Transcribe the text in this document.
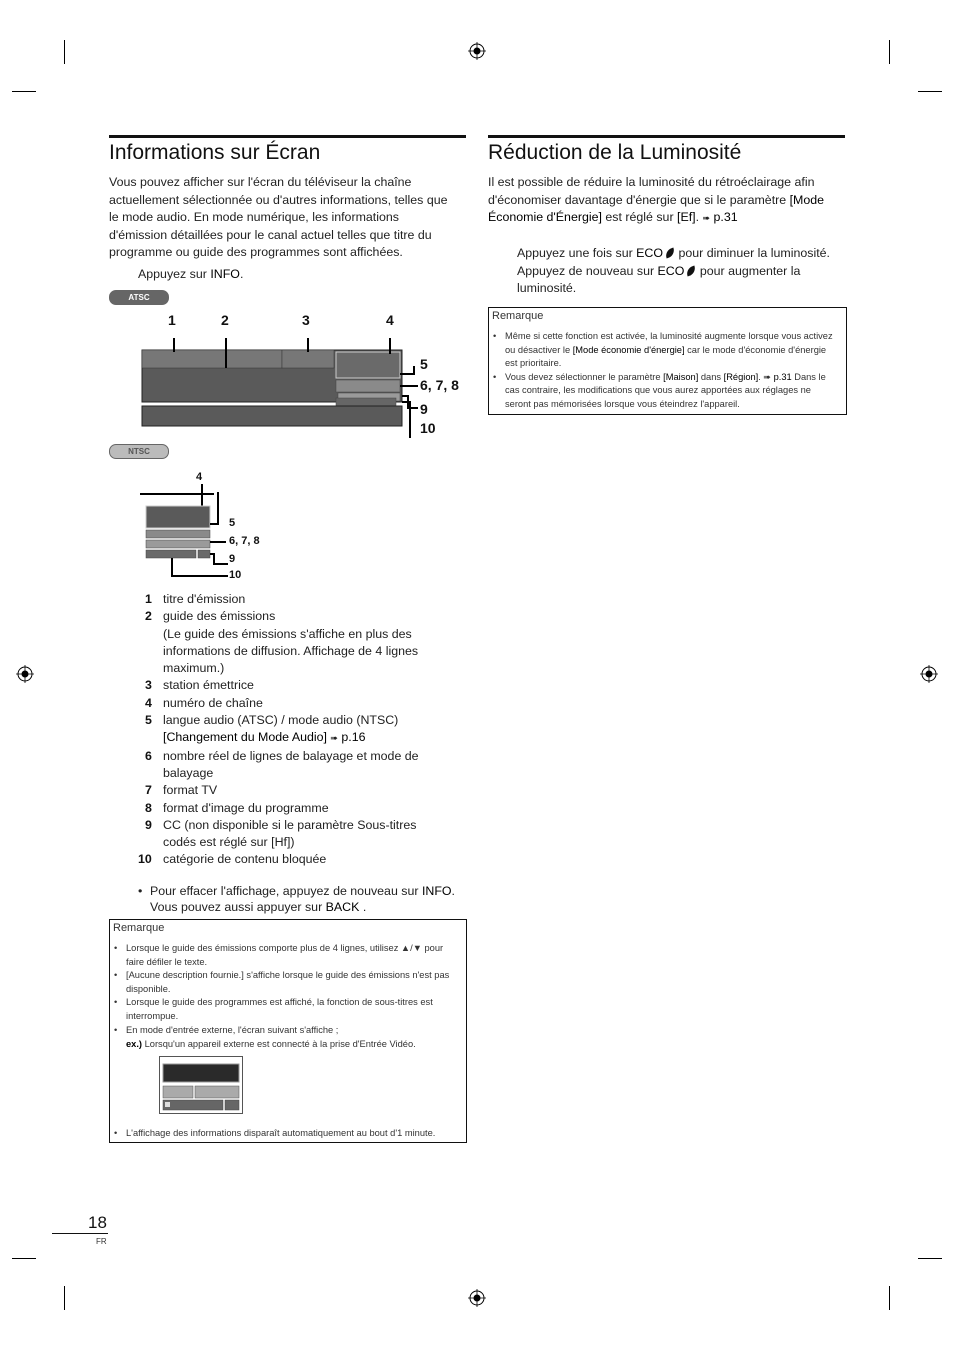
Informations sur Écran
Vous pouvez afficher sur l'écran du téléviseur la chaîne actuellement sélectionnée ou d'autres informations, telles que le mode audio. En mode numérique, les informations d'émission détaillées pour le canal actuel telles que titre du programme ou guide des programmes sont affichées.
Appuyez sur INFO.
ATSC
1	2	3	4
5
6, 7, 8
9
10
NTSC
4
5
6, 7, 8
9
10
1 titre d'émission
2 guide des émissions
(Le guide des émissions s'affiche en plus des informations de diffusion. Affichage de 4 lignes maximum.)
3 station émettrice
4 numéro de chaîne
5 langue audio (ATSC) / mode audio (NTSC)
[Changement du Mode Audio] ➠ p.16
6 nombre réel de lignes de balayage et mode de balayage
7 format TV
8 format d'image du programme
9 CC (non disponible si le paramètre Sous-titres codés est réglé sur [Hf])
10 catégorie de contenu bloquée
• Pour effacer l'affichage, appuyez de nouveau sur INFO. Vous pouvez aussi appuyer sur BACK .
Remarque
• Lorsque le guide des émissions comporte plus de 4 lignes, utilisez ▲/▼ pour faire défiler le texte.
• [Aucune description fournie.] s'affiche lorsque le guide des émissions n'est pas disponible.
• Lorsque le guide des programmes est affiché, la fonction de sous-titres est interrompue.
• En mode d'entrée externe, l'écran suivant s'affiche ;
ex.) Lorsqu'un appareil externe est connecté à la prise d'Entrée Vidéo.
• L'affichage des informations disparaît automatiquement au bout d'1 minute.
Réduction de la Luminosité
Il est possible de réduire la luminosité du rétroéclairage afin d'économiser davantage d'énergie que si le paramètre [Mode Économie d'Énergie] est réglé sur [Ef]. ➠ p.31
Appuyez une fois sur ECO pour diminuer la luminosité.
Appuyez de nouveau sur ECO pour augmenter la luminosité.
Remarque
• Même si cette fonction est activée, la luminosité augmente lorsque vous activez ou désactiver le [Mode économie d'énergie] car le mode d'économie d'énergie est prioritaire.
• Vous devez sélectionner le paramètre [Maison] dans [Région]. ➠ p.31 Dans le cas contraire, les modifications que vous aurez apportées aux réglages ne seront pas mémorisées lorsque vous éteindrez l'appareil.
18
FR
